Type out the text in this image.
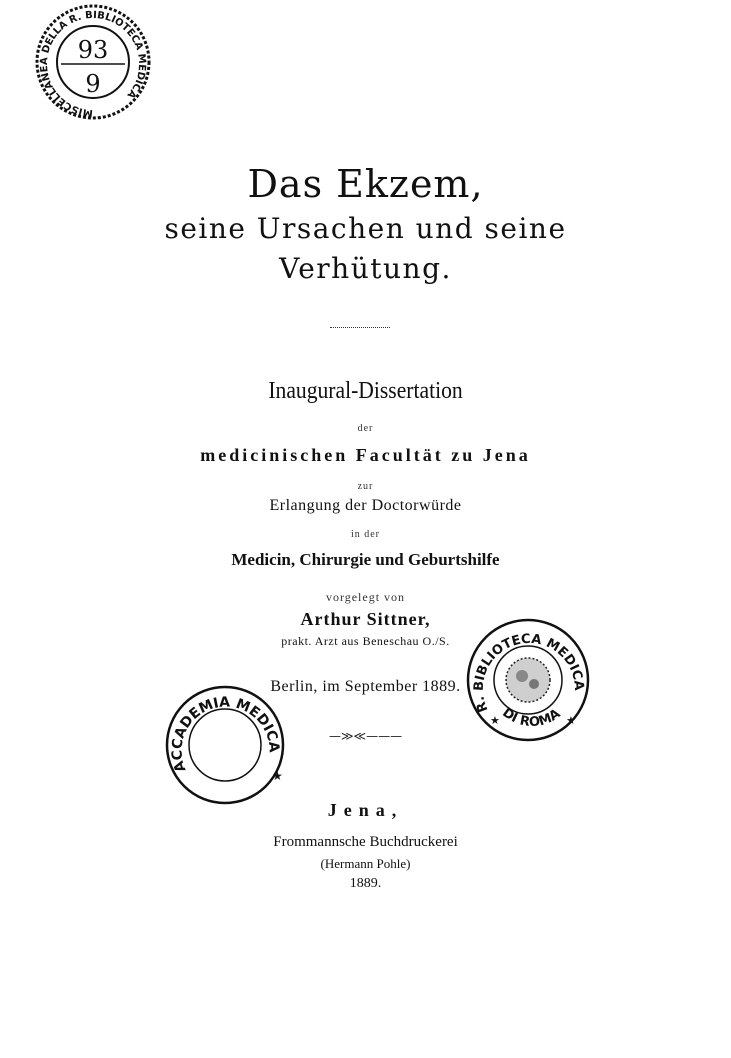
MISCELLANEA DELLA R. BIBLIOTECA MEDICA
93
9
Das Ekzem,
seine Ursachen und seine
Verhütung.
Inaugural-Dissertation
der
medicinischen Facultät zu Jena
zur
Erlangung der Doctorwürde
in der
Medicin, Chirurgie und Geburtshilfe
vorgelegt von
Arthur Sittner,
prakt. Arzt aus Beneschau O./S.
Berlin, im September 1889.
—≫≪———
ACCADEMIA MEDICA
★
R. BIBLIOTECA MEDICA
DI ROMA
★	★
Jena,
Frommannsche Buchdruckerei
(Hermann Pohle)
1889.
